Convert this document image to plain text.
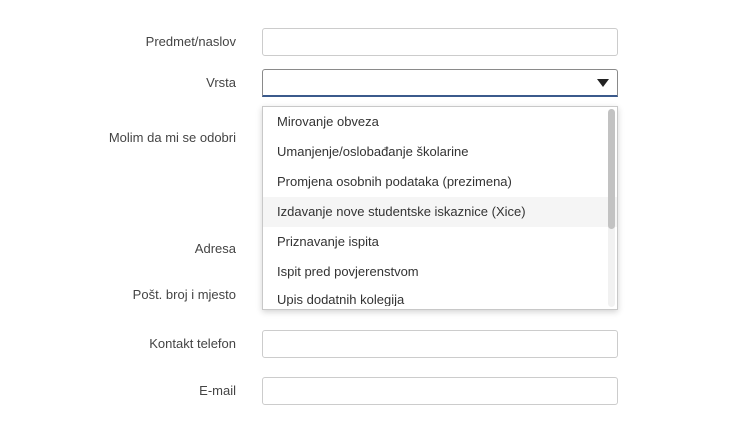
Predmet/naslov
Vrsta
Molim da mi se odobri
Adresa
Pošt. broj i mjesto
Kontakt telefon
E-mail
Mirovanje obveza
Umanjenje/oslobađanje školarine
Promjena osobnih podataka (prezimena)
Izdavanje nove studentske iskaznice (Xice)
Priznavanje ispita
Ispit pred povjerenstvom
Upis dodatnih kolegija
